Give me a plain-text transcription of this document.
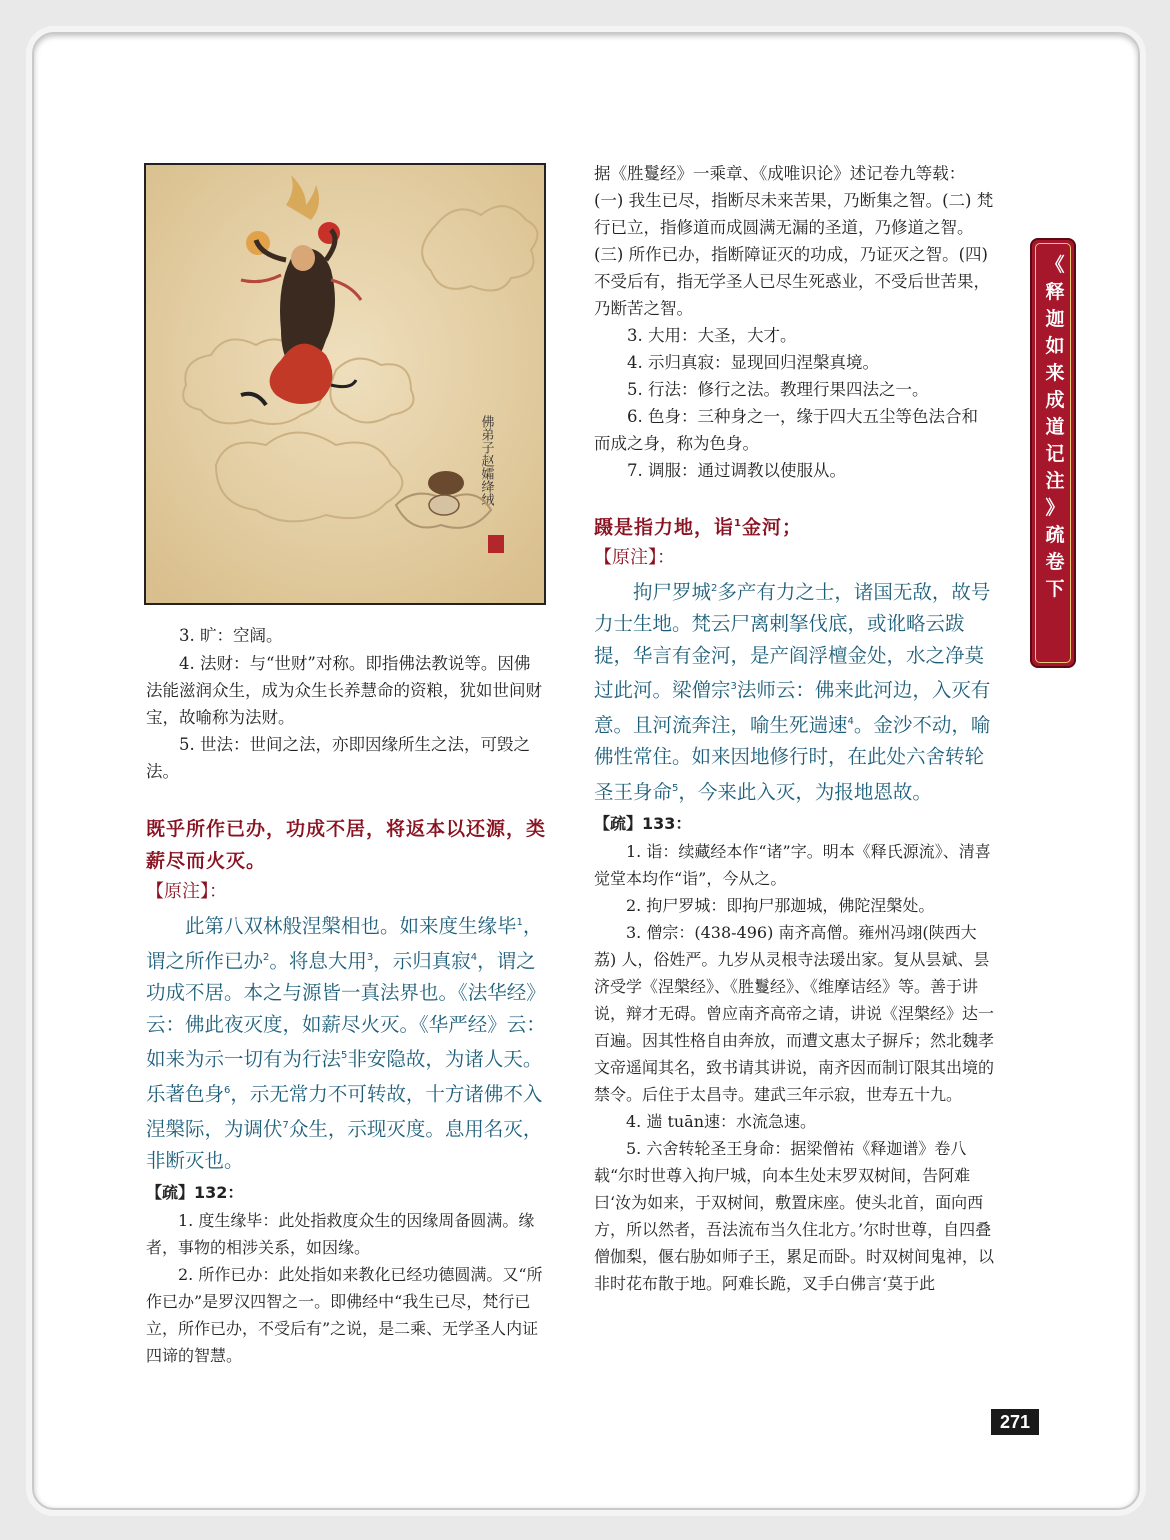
佛弟子赵孀绛绒

3. 旷：空阔。

4. 法财：与“世财”对称。即指佛法教说等。因佛法能滋润众生，成为众生长养慧命的资粮，犹如世间财宝，故喻称为法财。

5. 世法：世间之法，亦即因缘所生之法，可毁之法。

既乎所作已办，功成不居，将返本以还源，类薪尽而火灭。

【原注】：

此第八双林般涅槃相也。如来度生缘毕$^1$，谓之所作已办$^2$。将息大用$^3$，示归真寂$^4$，谓之功成不居。本之与源皆一真法界也。《法华经》云：佛此夜灭度，如薪尽火灭。《华严经》云：如来为示一切有为行法$^5$非安隐故，为诸人天。乐著色身$^6$，示无常力不可转故，十方诸佛不入涅槃际，为调伏$^7$众生，示现灭度。息用名灭，非断灭也。

【疏】132：

1. 度生缘毕：此处指救度众生的因缘周备圆满。缘者，事物的相涉关系，如因缘。

2. 所作已办：此处指如来教化已经功德圆满。又“所作已办”是罗汉四智之一。即佛经中“我生已尽，梵行已立，所作已办，不受后有”之说，是二乘、无学圣人内证四谛的智慧。

据《胜鬘经》一乘章、《成唯识论》述记卷九等载：(一) 我生已尽，指断尽未来苦果，乃断集之智。(二) 梵行已立，指修道而成圆满无漏的圣道，乃修道之智。(三) 所作已办，指断障证灭的功成，乃证灭之智。(四) 不受后有，指无学圣人已尽生死惑业，不受后世苦果，乃断苦之智。

3. 大用：大圣，大才。

4. 示归真寂：显现回归涅槃真境。

5. 行法：修行之法。教理行果四法之一。

6. 色身：三种身之一，缘于四大五尘等色法合和而成之身，称为色身。

7. 调服：通过调教以使服从。

蹑是指力地，诣$^1$金河；

【原注】：

拘尸罗城$^2$多产有力之士，诸国无敌，故号力士生地。梵云尸离剌拏伐底，或讹略云跋提，华言有金河，是产阎浮檀金处，水之净莫过此河。梁僧宗$^3$法师云：佛来此河边，入灭有意。且河流奔注，喻生死遄速$^4$。金沙不动，喻佛性常住。如来因地修行时，在此处六舍转轮圣王身命$^5$，今来此入灭，为报地恩故。

【疏】133：

1. 诣：续藏经本作“诸”字。明本《释氏源流》、清喜觉堂本均作“诣”，今从之。

2. 拘尸罗城：即拘尸那迦城，佛陀涅槃处。

3. 僧宗：(438-496) 南齐高僧。雍州冯翊(陕西大荔) 人，俗姓严。九岁从灵根寺法瑗出家。复从昙斌、昙济受学《涅槃经》、《胜鬘经》、《维摩诘经》等。善于讲说，辩才无碍。曾应南齐高帝之请，讲说《涅槃经》达一百遍。因其性格自由奔放，而遭文惠太子摒斥；然北魏孝文帝遥闻其名，致书请其讲说，南齐因而制订限其出境的禁令。后住于太昌寺。建武三年示寂，世寿五十九。

4. 遄 tuān速：水流急速。

5. 六舍转轮圣王身命：据梁僧祐《释迦谱》卷八载“尔时世尊入拘尸城，向本生处末罗双树间，告阿难曰‘汝为如来，于双树间，敷置床座。使头北首，面向西方，所以然者，吾法流布当久住北方。’尔时世尊，自四叠僧伽梨，偃右胁如师子王，累足而卧。时双树间鬼神，以非时花布散于地。阿难长跪，叉手白佛言‘莫于此

《
释
迦
如
来
成
道
记
注
》
疏
卷
下
271
